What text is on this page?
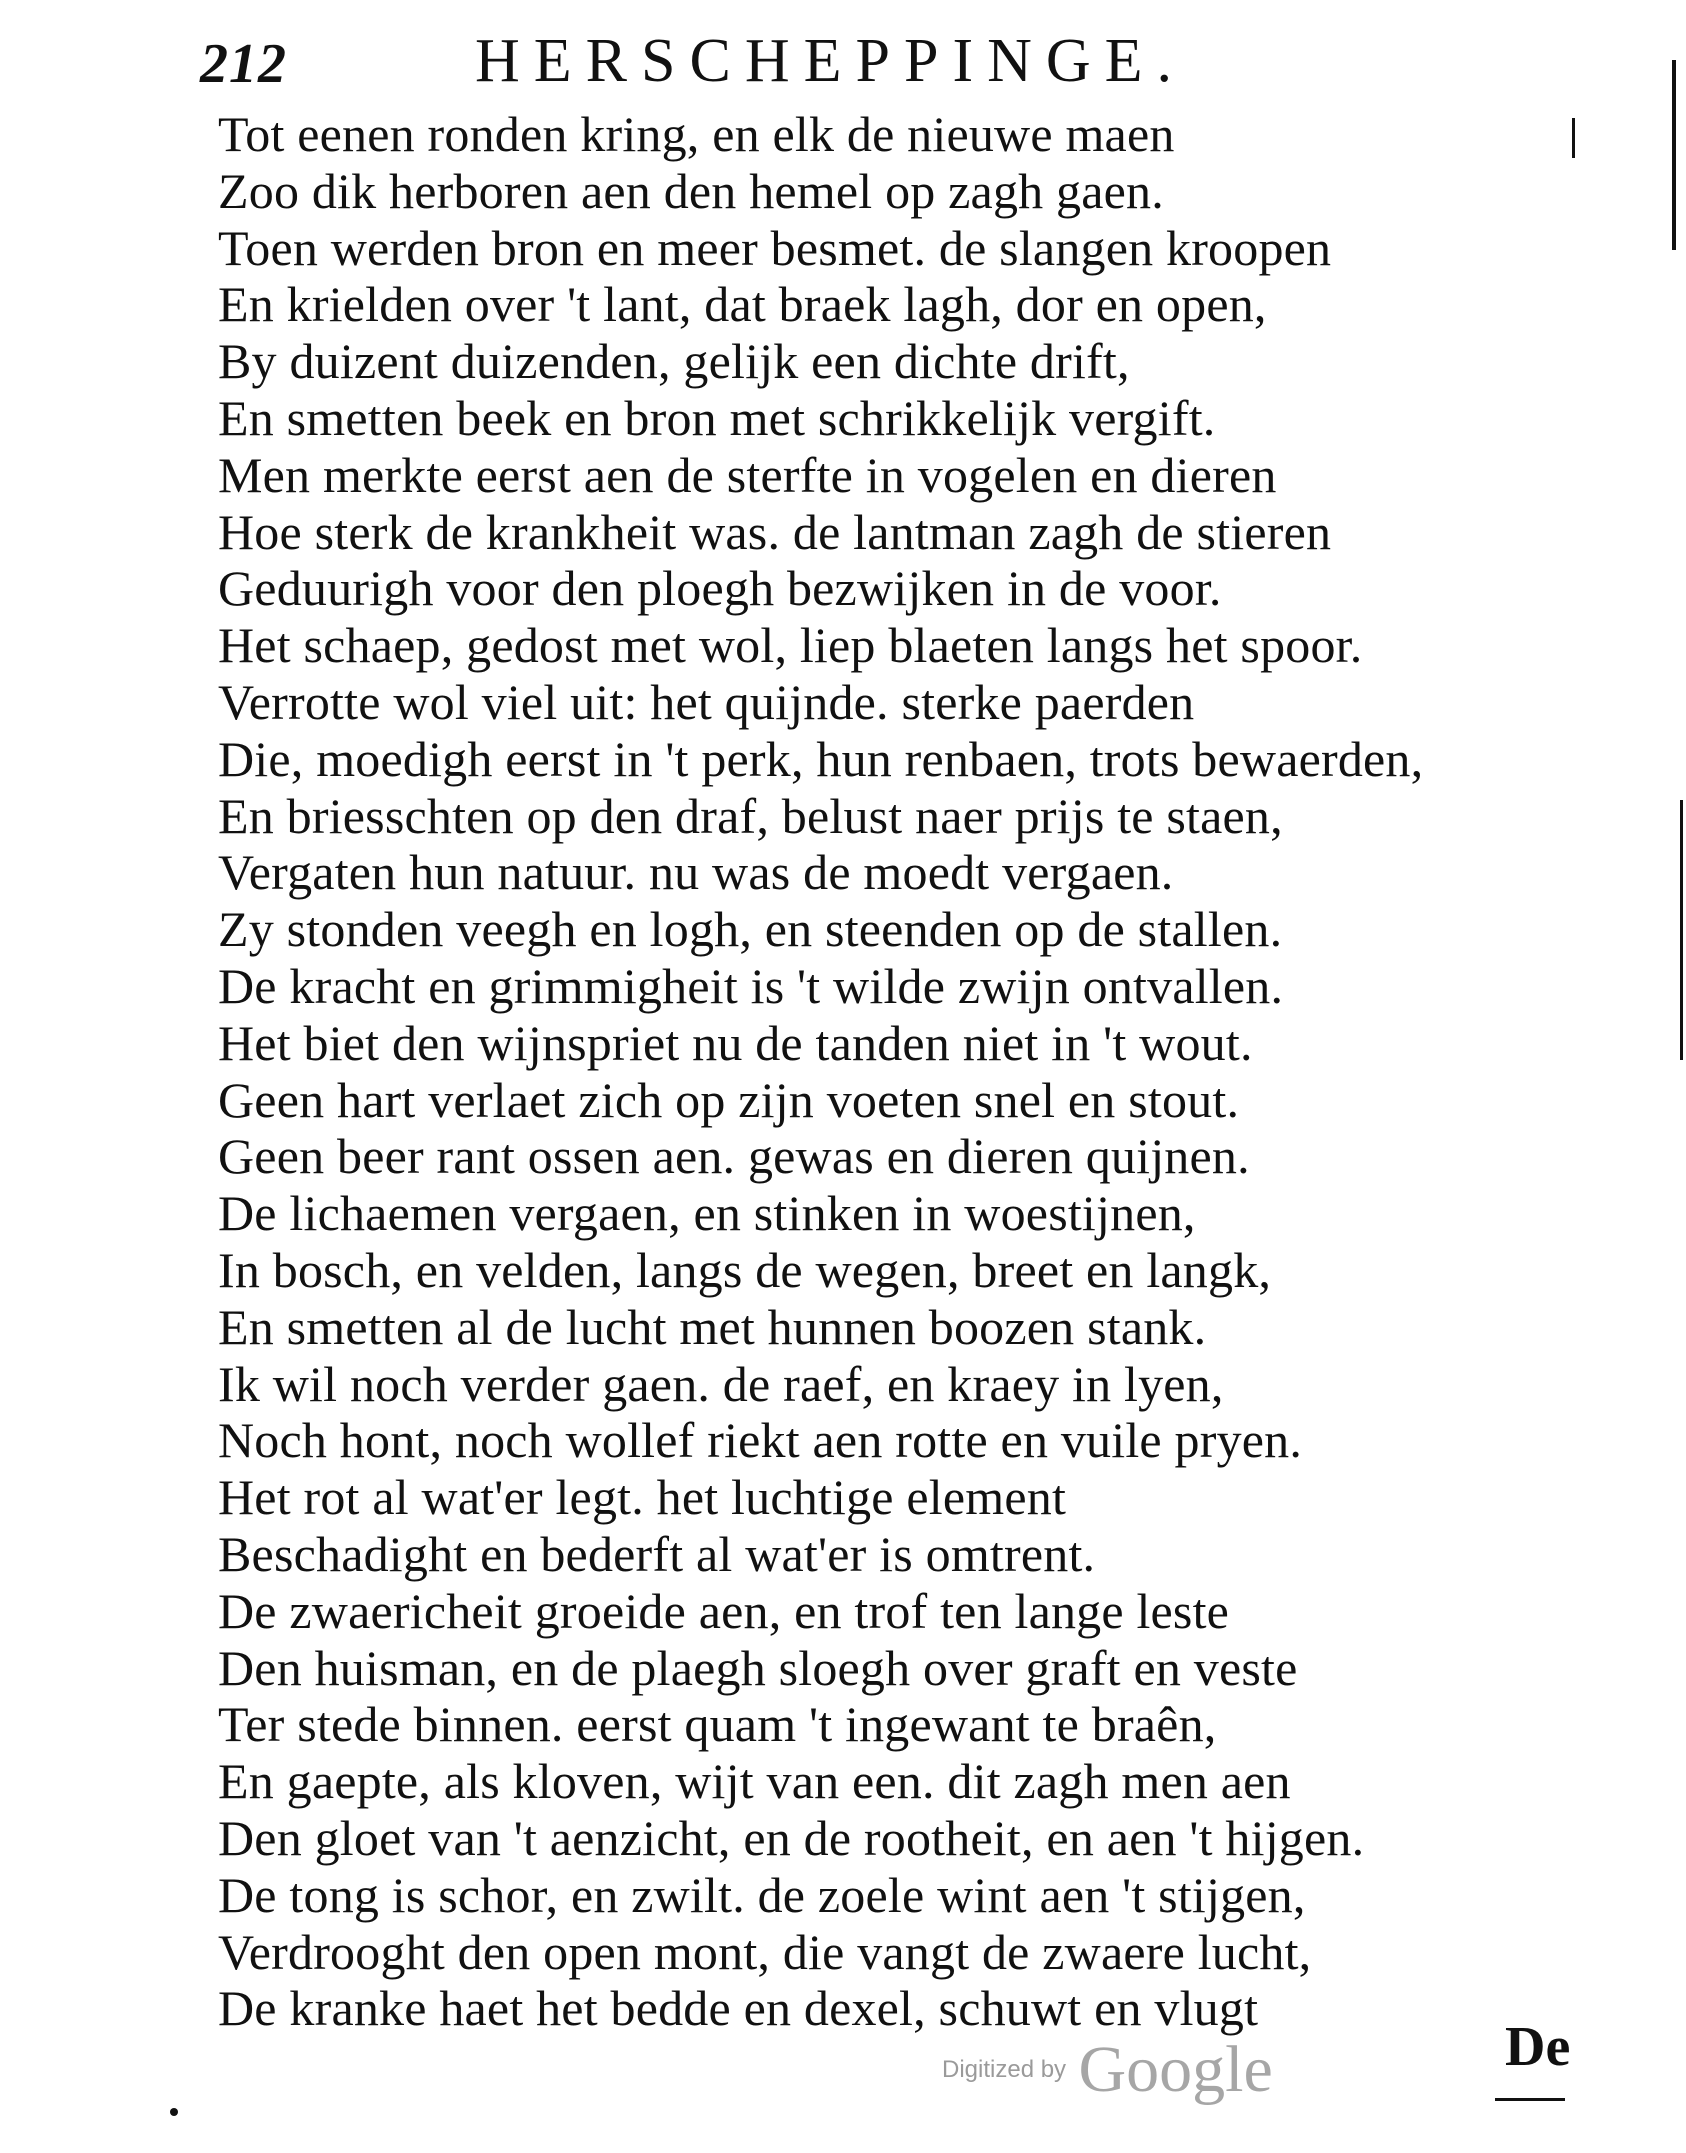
212	HERSCHEPPINGE.
Tot eenen ronden kring, en elk de nieuwe maen
Zoo dik herboren aen den hemel op zagh gaen.
Toen werden bron en meer besmet. de slangen kroopen
En krielden over 't lant, dat braek lagh, dor en open,
By duizent duizenden, gelijk een dichte drift,
En smetten beek en bron met schrikkelijk vergift.
Men merkte eerst aen de sterfte in vogelen en dieren
Hoe sterk de krankheit was. de lantman zagh de stieren
Geduurigh voor den ploegh bezwijken in de voor.
Het schaep, gedost met wol, liep blaeten langs het spoor.
Verrotte wol viel uit: het quijnde. sterke paerden
Die, moedigh eerst in 't perk, hun renbaen, trots bewaerden,
En briesschten op den draf, belust naer prijs te staen,
Vergaten hun natuur. nu was de moedt vergaen.
Zy stonden veegh en logh, en steenden op de stallen.
De kracht en grimmigheit is 't wilde zwijn ontvallen.
Het biet den wijnspriet nu de tanden niet in 't wout.
Geen hart verlaet zich op zijn voeten snel en stout.
Geen beer rant ossen aen. gewas en dieren quijnen.
De lichaemen vergaen, en stinken in woestijnen,
In bosch, en velden, langs de wegen, breet en langk,
En smetten al de lucht met hunnen boozen stank.
Ik wil noch verder gaen. de raef, en kraey in lyen,
Noch hont, noch wollef riekt aen rotte en vuile pryen.
Het rot al wat'er legt. het luchtige element
Beschadight en bederft al wat'er is omtrent.
De zwaericheit groeide aen, en trof ten lange leste
Den huisman, en de plaegh sloegh over graft en veste
Ter stede binnen. eerst quam 't ingewant te braên,
En gaepte, als kloven, wijt van een. dit zagh men aen
Den gloet van 't aenzicht, en de rootheit, en aen 't hijgen.
De tong is schor, en zwilt. de zoele wint aen 't stijgen,
Verdrooght den open mont, die vangt de zwaere lucht,
De kranke haet het bedde en dexel, schuwt en vlugt
Digitized by Google	De
